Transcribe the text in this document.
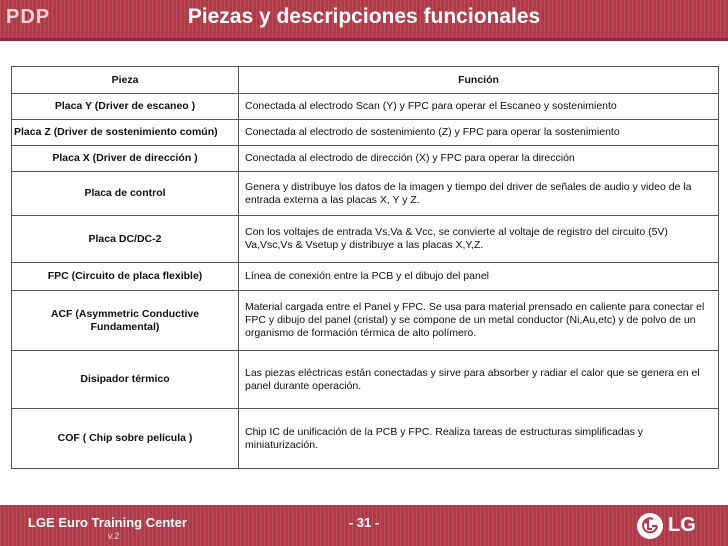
PDP	Piezas y descripciones funcionales
Pieza	Función
Placa Y (Driver de escaneo )	Conectada al electrodo Scan (Y) y FPC para operar el Escaneo y sostenimiento
Placa Z (Driver de sostenimiento común)	Conectada al electrodo de sostenimiento (Z) y FPC para operar la sostenimiento
Placa X (Driver de dirección )	Conectada al electrodo de dirección (X) y FPC para operar la dirección
Placa de control	Genera y distribuye los datos de la imagen y tiempo del driver de señales de audio y video de la entrada externa a las placas X, Y y Z.
Placa DC/DC-2	Con los voltajes de entrada Vs,Va & Vcc, se convierte al voltaje de registro del circuito (5V) Va,Vsc,Vs & Vsetup y distribuye a las placas X,Y,Z.
FPC (Circuito de placa flexible)	Línea de conexión entre la PCB y el dibujo del panel
ACF (Asymmetric Conductive Fundamental)	Material cargada entre el Panel y FPC. Se usa para material prensado en caliente para conectar el FPC y dibujo del panel (cristal) y se compone de un metal conductor (Ni,Au,etc) y de polvo de un organismo de formación térmica de alto polímero.
Disipador térmico	Las piezas eléctricas están conectadas y sirve para absorber y radiar el calor que se genera en el panel durante operación.
COF ( Chip sobre película )	Chip IC de unificación de la PCB y FPC. Realiza tareas de estructuras simplificadas y miniaturización.
LGE Euro Training Center
v.2
- 31 -	LG
